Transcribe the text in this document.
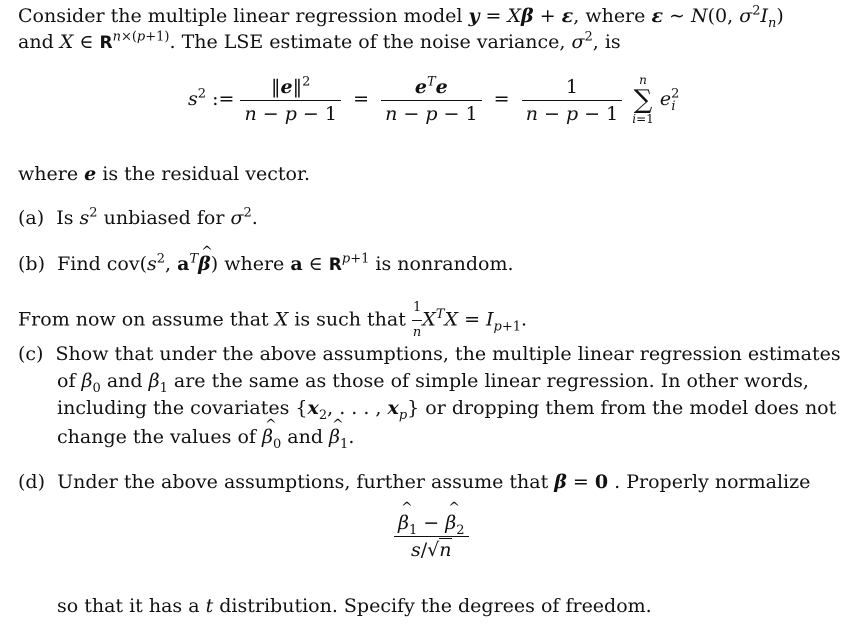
Consider the multiple linear regression model y = Xβ + ε, where ε ∼ N(0, $\sigma^2I_n$)
and X ∈ $R^{n\times(p+1)}$. The LSE estimate of the noise variance, $\sigma^2$, is
$s^2$ := $\frac{‖e‖^2}{n - p - 1} = \frac{e^Te}{n - p - 1} = \frac{1}{n - p - 1}$
	n
∑
i=1
$e^2_i$
where e is the residual vector.
(a)  Is $s^2$ unbiased for $\sigma^2$.
(b)  Find $cov(s^2$, $a^T\^{}$ β) where a ∈ $R^{p+1}$ is nonrandom.
From now on assume that X is such that $\frac{1}{n} X^TX = I_{p+1}$.
(c)  Show that under the above assumptions, the multiple linear regression estimates
of $\beta_0$ and $\beta_1$ are the same as those of simple linear regression. In other words,
including the covariates {$x_2$, . . . , $x_p$} or dropping them from the model does not
change the values of ^ $\beta_0$ and ^ $\beta_1$.
(d)  Under the above assumptions, further assume that β = 0 . Properly normalize
^ $\frac{\beta_1 - \^{} \beta_2}{s/√n}$
so that it has a t distribution. Specify the degrees of freedom.
